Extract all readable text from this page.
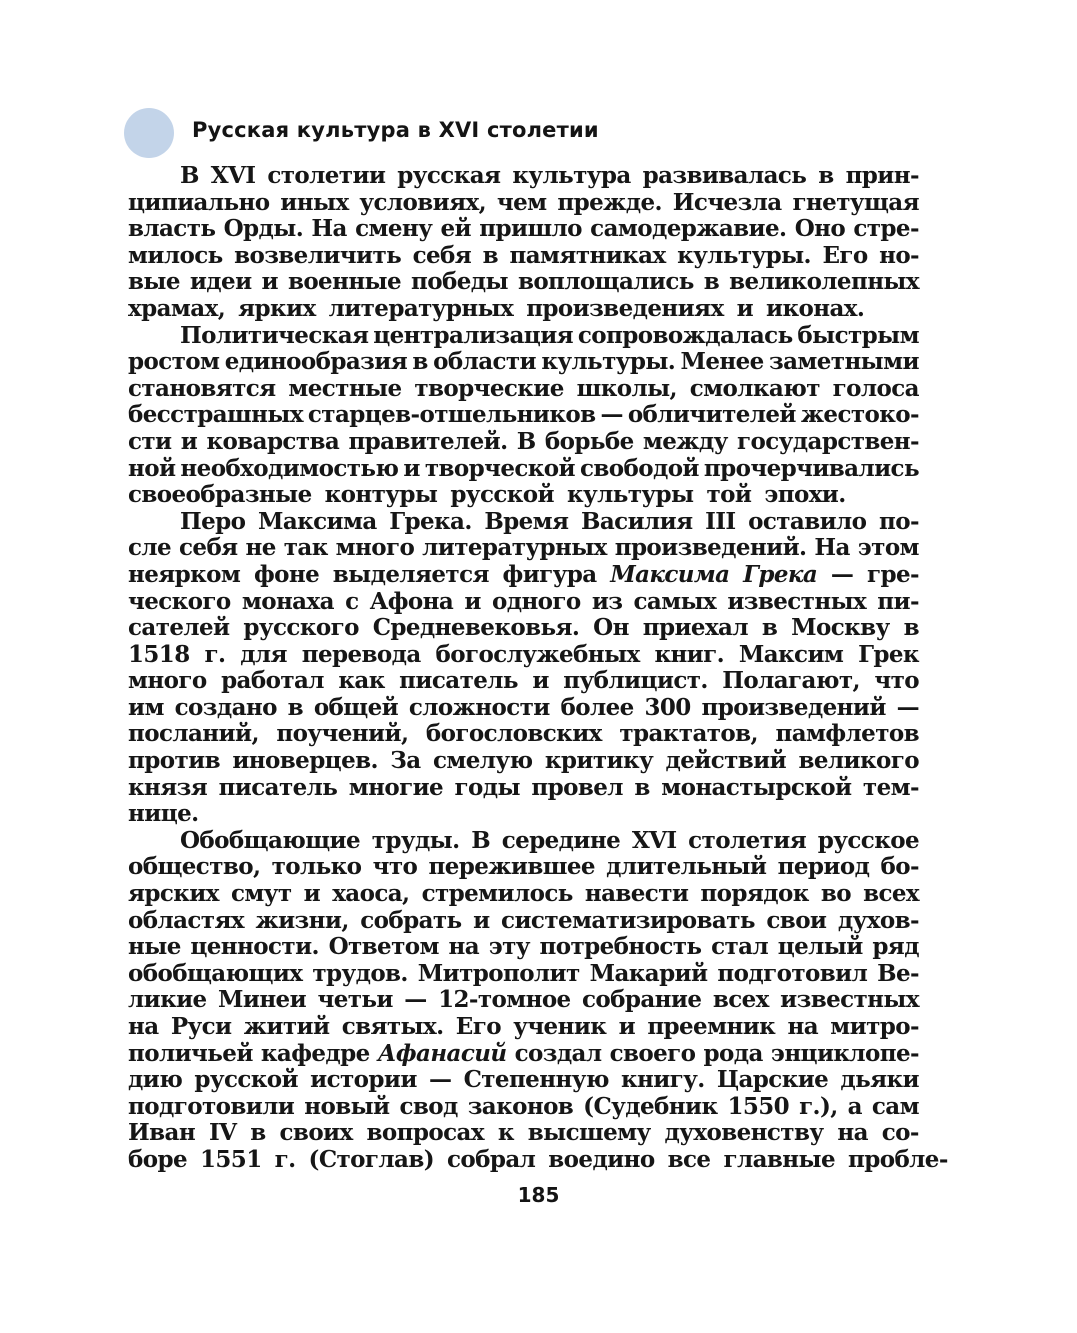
Русская культура в XVI столетии
В XVI столетии русская культура развивалась в прин-
ципиально иных условиях, чем прежде. Исчезла гнетущая
власть Орды. На смену ей пришло самодержавие. Оно стре-
милось возвеличить себя в памятниках культуры. Его но-
вые идеи и военные победы воплощались в великолепных
храмах, ярких литературных произведениях и иконах.
Политическая централизация сопровождалась быстрым
ростом единообразия в области культуры. Менее заметными
становятся местные творческие школы, смолкают голоса
бесстрашных старцев-отшельников — обличителей жестоко-
сти и коварства правителей. В борьбе между государствен-
ной необходимостью и творческой свободой прочерчивались
своеобразные контуры русской культуры той эпохи.
Перо Максима Грека. Время Василия III оставило по-
сле себя не так много литературных произведений. На этом
неярком фоне выделяется фигура Максима Грека — гре-
ческого монаха с Афона и одного из самых известных пи-
сателей русского Средневековья. Он приехал в Москву в
1518 г. для перевода богослужебных книг. Максим Грек
много работал как писатель и публицист. Полагают, что
им создано в общей сложности более 300 произведений —
посланий, поучений, богословских трактатов, памфлетов
против иноверцев. За смелую критику действий великого
князя писатель многие годы провел в монастырской тем-
нице.
Обобщающие труды. В середине XVI столетия русское
общество, только что пережившее длительный период бо-
ярских смут и хаоса, стремилось навести порядок во всех
областях жизни, собрать и систематизировать свои духов-
ные ценности. Ответом на эту потребность стал целый ряд
обобщающих трудов. Митрополит Макарий подготовил Ве-
ликие Минеи четьи — 12-томное собрание всех известных
на Руси житий святых. Его ученик и преемник на митро-
поличьей кафедре Афанасий создал своего рода энциклопе-
дию русской истории — Степенную книгу. Царские дьяки
подготовили новый свод законов (Судебник 1550 г.), а сам
Иван IV в своих вопросах к высшему духовенству на со-
боре 1551 г. (Стоглав) собрал воедино все главные пробле-
185
